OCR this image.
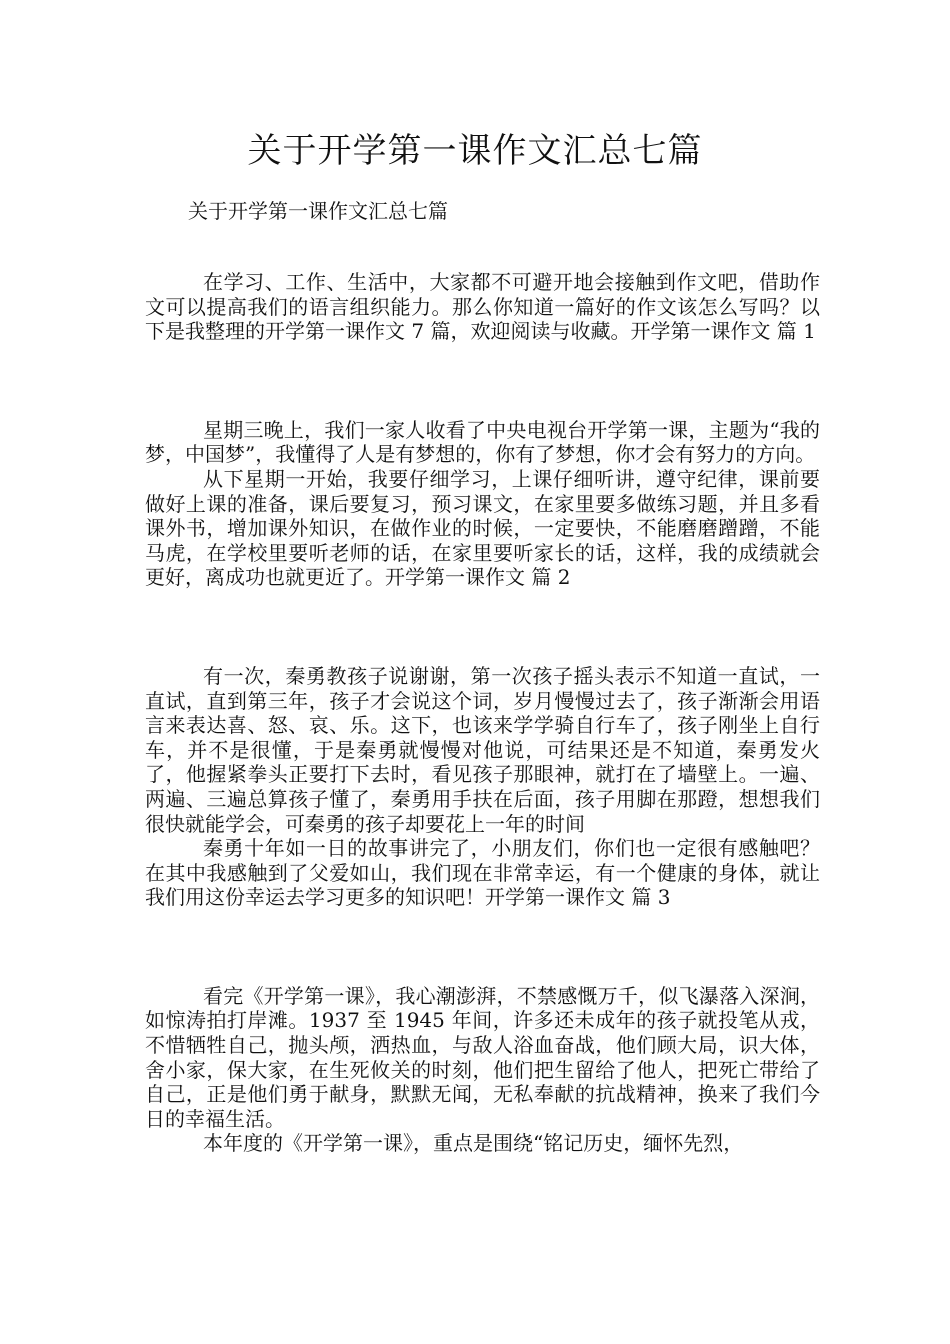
关于开学第一课作文汇总七篇

关于开学第一课作文汇总七篇

在学习、工作、生活中，大家都不可避开地会接触到作文吧，借助作文可以提高我们的语言组织能力。那么你知道一篇好的作文该怎么写吗？以下是我整理的开学第一课作文 7 篇，欢迎阅读与收藏。开学第一课作文 篇 1

星期三晚上，我们一家人收看了中央电视台开学第一课，主题为“我的梦，中国梦”，我懂得了人是有梦想的，你有了梦想，你才会有努力的方向。

从下星期一开始，我要仔细学习，上课仔细听讲，遵守纪律，课前要做好上课的准备，课后要复习，预习课文，在家里要多做练习题，并且多看课外书，增加课外知识，在做作业的时候，一定要快，不能磨磨蹭蹭，不能马虎，在学校里要听老师的话，在家里要听家长的话，这样，我的成绩就会更好，离成功也就更近了。开学第一课作文 篇 2

有一次，秦勇教孩子说谢谢，第一次孩子摇头表示不知道一直试，一直试，直到第三年，孩子才会说这个词，岁月慢慢过去了，孩子渐渐会用语言来表达喜、怒、哀、乐。这下，也该来学学骑自行车了，孩子刚坐上自行车，并不是很懂，于是秦勇就慢慢对他说，可结果还是不知道，秦勇发火了，他握紧拳头正要打下去时，看见孩子那眼神，就打在了墙壁上。一遍、两遍、三遍总算孩子懂了，秦勇用手扶在后面，孩子用脚在那蹬，想想我们很快就能学会，可秦勇的孩子却要花上一年的时间

秦勇十年如一日的故事讲完了，小朋友们，你们也一定很有感触吧？在其中我感触到了父爱如山，我们现在非常幸运，有一个健康的身体，就让我们用这份幸运去学习更多的知识吧！开学第一课作文 篇 3

看完《开学第一课》，我心潮澎湃，不禁感慨万千，似飞瀑落入深涧，如惊涛拍打岸滩。1937 至 1945 年间，许多还未成年的孩子就投笔从戎，不惜牺牲自己，抛头颅，洒热血，与敌人浴血奋战，他们顾大局，识大体，舍小家，保大家，在生死攸关的时刻，他们把生留给了他人，把死亡带给了自己，正是他们勇于献身，默默无闻，无私奉献的抗战精神，换来了我们今日的幸福生活。

本年度的《开学第一课》，重点是围绕“铭记历史，缅怀先烈，
